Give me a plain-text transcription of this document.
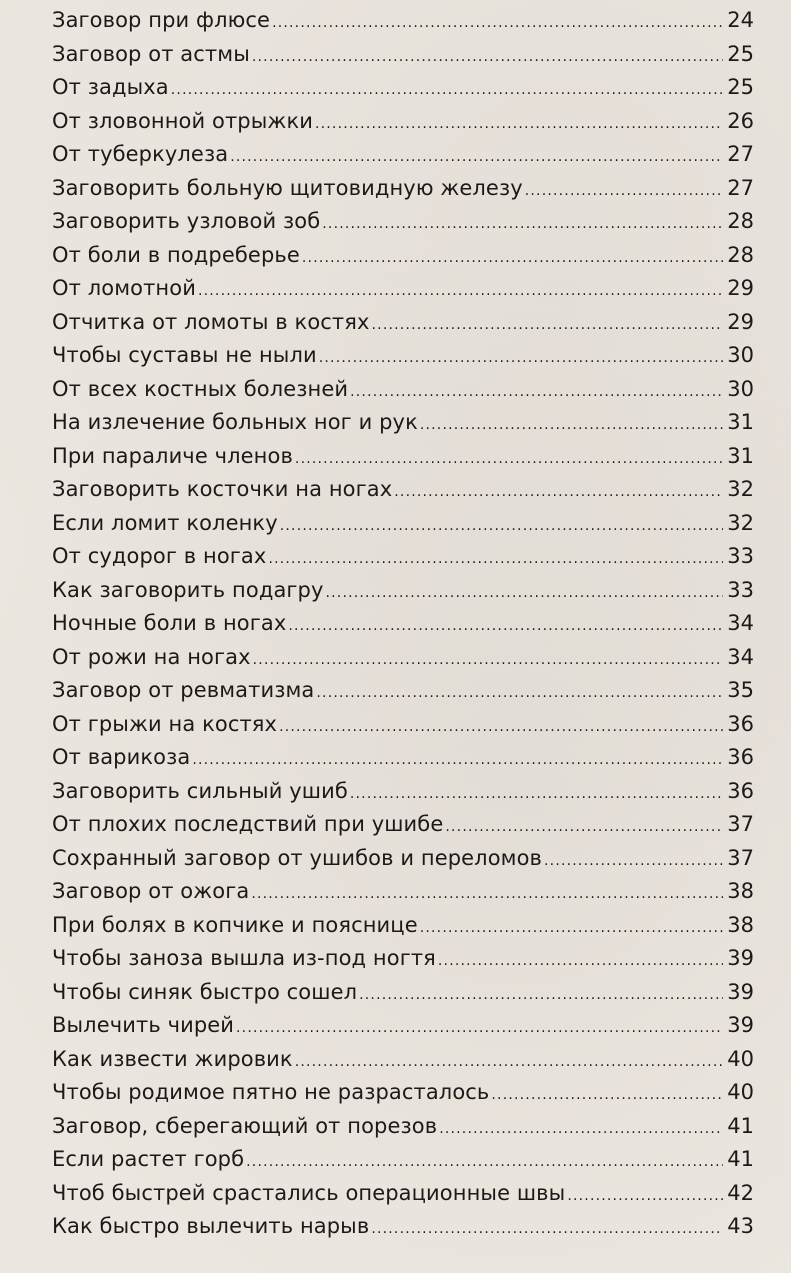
Заговор при флюсе .....	24
Заговор от астмы .....	25
От задыха .....	25
От зловонной отрыжки .....	26
От туберкулеза .....	27
Заговорить больную щитовидную железу .....	27
Заговорить узловой зоб .....	28
От боли в подреберье .....	28
От ломотной .....	29
Отчитка от ломоты в костях .....	29
Чтобы суставы не ныли .....	30
От всех костных болезней .....	30
На излечение больных ног и рук .....	31
При параличе членов .....	31
Заговорить косточки на ногах .....	32
Если ломит коленку .....	32
От судорог в ногах .....	33
Как заговорить подагру .....	33
Ночные боли в ногах .....	34
От рожи на ногах .....	34
Заговор от ревматизма .....	35
От грыжи на костях .....	36
От варикоза .....	36
Заговорить сильный ушиб .....	36
От плохих последствий при ушибе .....	37
Сохранный заговор от ушибов и переломов .....	37
Заговор от ожога .....	38
При болях в копчике и пояснице .....	38
Чтобы заноза вышла из-под ногтя .....	39
Чтобы синяк быстро сошел .....	39
Вылечить чирей .....	39
Как извести жировик .....	40
Чтобы родимое пятно не разрасталось .....	40
Заговор, сберегающий от порезов .....	41
Если растет горб .....	41
Чтоб быстрей срастались операционные швы .....	42
Как быстро вылечить нарыв .....	43
